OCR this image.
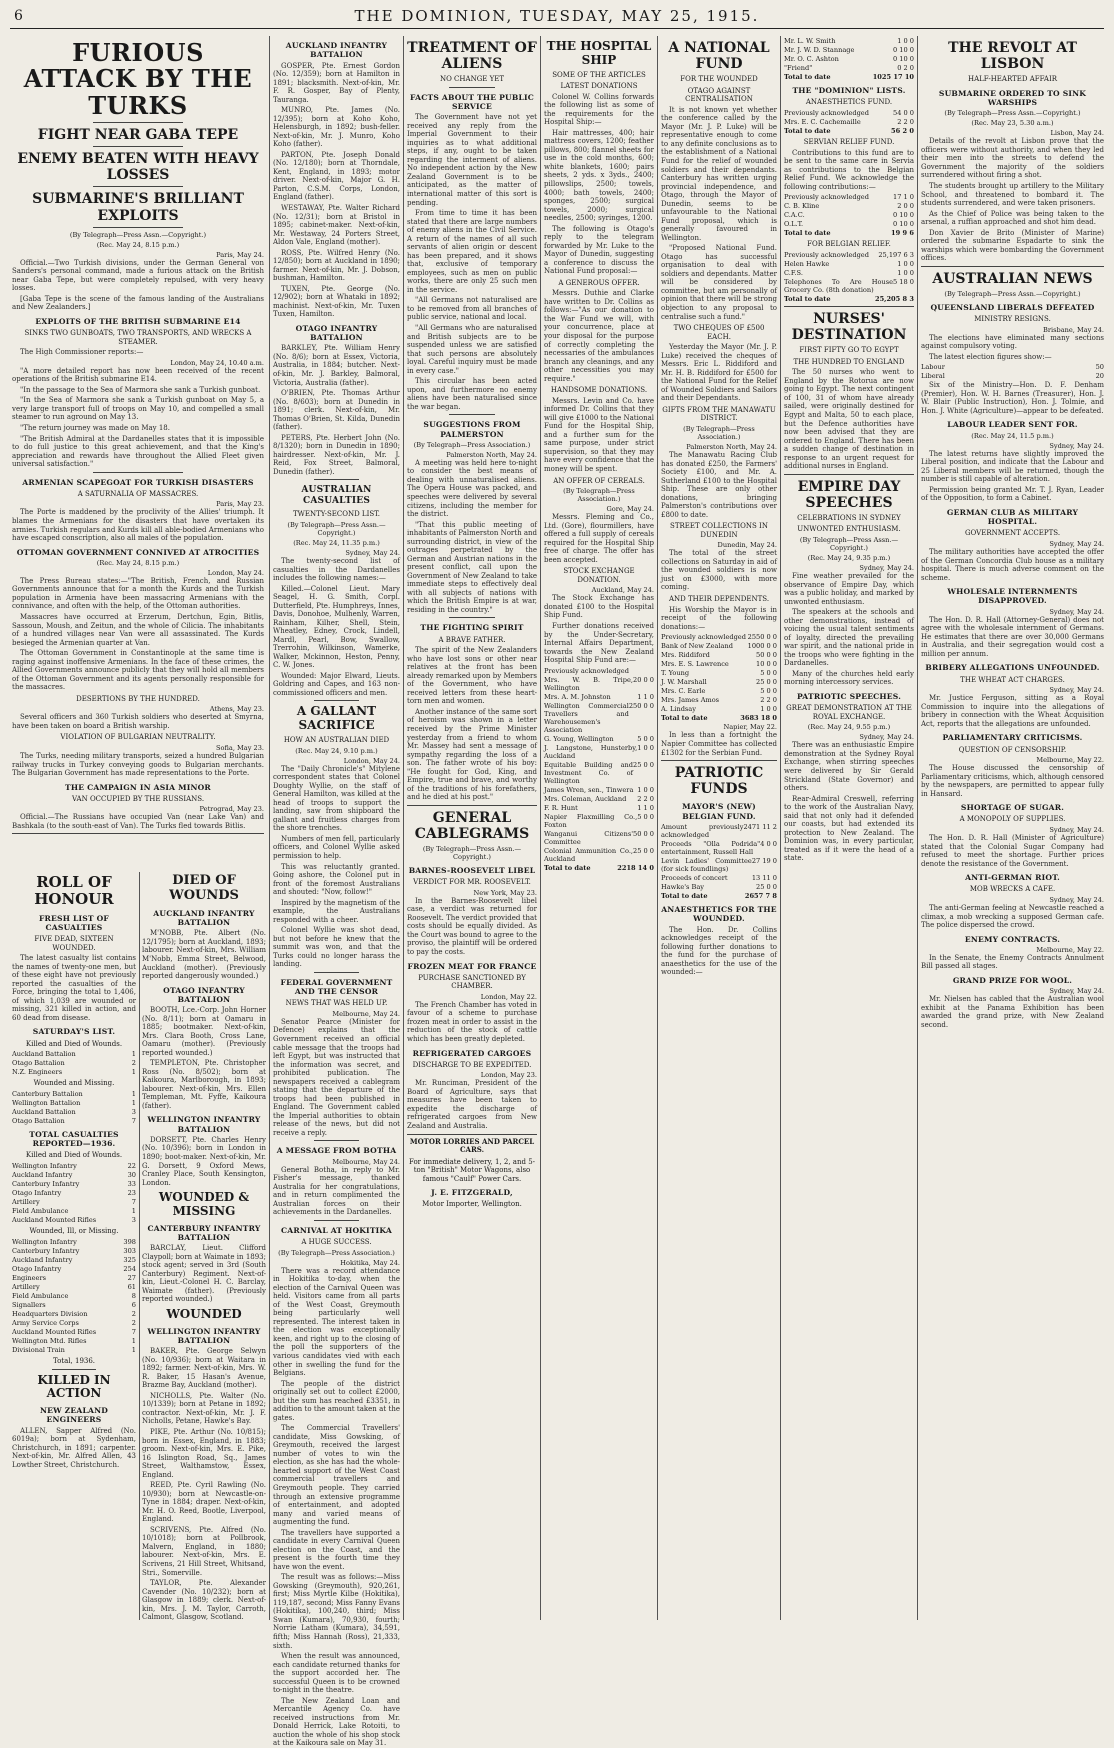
6	THE DOMINION, TUESDAY, MAY 25, 1915.
FURIOUS ATTACK BY THE TURKS
FIGHT NEAR GABA TEPE
ENEMY BEATEN WITH HEAVY LOSSES
SUBMARINE'S BRILLIANT EXPLOITS
(By Telegraph—Press Assn.—Copyright.)
(Rec. May 24, 8.15 p.m.)
Paris, May 24.

Official.—Two Turkish divisions, under the German General von Sanders's personal command, made a furious attack on the British near Gaba Tepe, but were completely repulsed, with very heavy losses.

[Gaba Tepe is the scene of the famous landing of the Australians and New Zealanders.]

EXPLOITS OF THE BRITISH SUBMARINE E14
SINKS TWO GUNBOATS, TWO TRANSPORTS, AND WRECKS A STEAMER.

The High Commissioner reports:—

London, May 24, 10.40 a.m.

"A more detailed report has now been received of the recent operations of the British submarine E14.

"In the passage to the Sea of Marmora she sank a Turkish gunboat.

"In the Sea of Marmora she sank a Turkish gunboat on May 5, a very large transport full of troops on May 10, and compelled a small steamer to run aground on May 13.

"The return journey was made on May 18.

"The British Admiral at the Dardanelles states that it is impossible to do full justice to this great achievement, and that the King's appreciation and rewards have throughout the Allied Fleet given universal satisfaction."

ARMENIAN SCAPEGOAT FOR TURKISH DISASTERS
A SATURNALIA OF MASSACRES.
Paris, May 23.

The Porte is maddened by the proclivity of the Allies' triumph. It blames the Armenians for the disasters that have overtaken its armies. Turkish regulars and Kurds kill all able-bodied Armenians who have escaped conscription, also all males of the population.

OTTOMAN GOVERNMENT CONNIVED AT ATROCITIES
(Rec. May 24, 8.15 p.m.)
London, May 24.

The Press Bureau states:—"The British, French, and Russian Governments announce that for a month the Kurds and the Turkish population in Armenia have been massacring Armenians with the connivance, and often with the help, of the Ottoman authorities.

Massacres have occurred at Erzerum, Dertchun, Egin, Bitlis, Sassoun, Moush, and Zeitun, and the whole of Cilicia. The inhabitants of a hundred villages near Van were all assassinated. The Kurds besieged the Armenian quarter at Van.

The Ottoman Government in Constantinople at the same time is raging against inoffensive Armenians. In the face of these crimes, the Allied Governments announce publicly that they will hold all members of the Ottoman Government and its agents personally responsible for the massacres.

DESERTIONS BY THE HUNDRED.
Athens, May 23.

Several officers and 360 Turkish soldiers who deserted at Smyrna, have been taken on board a British warship.

VIOLATION OF BULGARIAN NEUTRALITY.
Sofia, May 23.

The Turks, needing military transports, seized a hundred Bulgarian railway trucks in Turkey conveying goods to Bulgarian merchants. The Bulgarian Government has made representations to the Porte.

THE CAMPAIGN IN ASIA MINOR
VAN OCCUPIED BY THE RUSSIANS.
Petrograd, May 23.

Official.—The Russians have occupied Van (near Lake Van) and Bashkala (to the south-east of Van). The Turks fled towards Bitlis.

ROLL OF HONOUR
FRESH LIST OF CASUALTIES
FIVE DEAD, SIXTEEN WOUNDED.

The latest casualty list contains the names of twenty-one men, but of these eight have not previously reported the casualties of the Force, bringing the total to 1,406, of which 1,039 are wounded or missing, 321 killed in action, and 60 dead from disease.

SATURDAY'S LIST.
Killed and Died of Wounds.
Auckland Battalion	1
Otago Battalion	2
N.Z. Engineers	1
Wounded and Missing.
Canterbury Battalion	1
Wellington Battalion	1
Auckland Battalion	3
Otago Battalion	7
TOTAL CASUALTIES REPORTED—1936.
Killed and Died of Wounds.
Wellington Infantry	22
Auckland Infantry	30
Canterbury Infantry	33
Otago Infantry	23
Artillery	7
Field Ambulance	1
Auckland Mounted Rifles	3
Wounded, Ill, or Missing.
Wellington Infantry	398
Canterbury Infantry	303
Auckland Infantry	325
Otago Infantry	254
Engineers	27
Artillery	61
Field Ambulance	8
Signallers	6
Headquarters Division	2
Army Service Corps	2
Auckland Mounted Rifles	7
Wellington Mtd. Rifles	1
Divisional Train	1
Total, 1936.
KILLED IN ACTION
NEW ZEALAND ENGINEERS

ALLEN, Sapper Alfred (No. 6019a); born at Sydenham, Christchurch, in 1891; carpenter. Next-of-kin, Mr. Alfred Allen, 43 Lowther Street, Christchurch.

DIED OF WOUNDS
AUCKLAND INFANTRY BATTALION

M'NOBB, Pte. Albert (No. 12/1795); born at Auckland, 1893; labourer. Next-of-kin, Mrs. William M'Nobb, Emma Street, Belwood, Auckland (mother). (Previously reported dangerously wounded.)

OTAGO INFANTRY BATTALION

BOOTH, Lce.-Corp. John Horner (No. 8/11); born at Oamaru in 1885; bootmaker. Next-of-kin, Mrs. Clara Booth, Cross Lane, Oamaru (mother). (Previously reported wounded.)

TEMPLETON, Pte. Christopher Ross (No. 8/502); born at Kaikoura, Marlborough, in 1893; labourer. Next-of-kin, Mrs. Ellen Templeman, Mt. Fyffe, Kaikoura (father).

WELLINGTON INFANTRY BATTALION

DORSETT, Pte. Charles Henry (No. 10/396); born in London in 1890; boot-maker. Next-of-kin, Mr. G. Dorsett, 9 Oxford Mews, Cranley Place, South Kensington, London.

WOUNDED & MISSING
CANTERBURY INFANTRY BATTALION

BARCLAY, Lieut. Clifford Claypoll; born at Waimate in 1893; stock agent; served in 3rd (South Canterbury) Regiment. Next-of-kin, Lieut.-Colonel H. C. Barclay, Waimate (father). (Previously reported wounded.)

WOUNDED
WELLINGTON INFANTRY BATTALION

BAKER, Pte. George Selwyn (No. 10/936); born at Waitara in 1892; farmer. Next-of-kin, Mrs. W. R. Baker, 15 Hasan's Avenue, Brazme Bay, Auckland (mother).

NICHOLLS, Pte. Walter (No. 10/1339); born at Petane in 1892; contractor. Next-of-kin, Mr. J. F. Nicholls, Petane, Hawke's Bay.

PIKE, Pte. Arthur (No. 10/815); born in Essex, England, in 1883; groom. Next-of-kin, Mrs. E. Pike, 16 Islington Road, Sq., James Street, Walthamstow, Essex, England.

REED, Pte. Cyril Rawling (No. 10/930); born at Newcastle-on-Tyne in 1884; draper. Next-of-kin, Mr. H. O. Reed, Bootle, Liverpool, England.

SCRIVENS, Pte. Alfred (No. 10/1018); born at Pollbrook, Malvern, England, in 1880; labourer. Next-of-kin, Mrs. E. Scrivens, 21 Hill Street, Whitsand, Stri., Somerville.

TAYLOR, Pte. Alexander Cavender (No. 10/232); born at Glasgow in 1889; clerk. Next-of-kin, Mrs. J. M. Taylor, Carroth, Calmont, Glasgow, Scotland.

AUCKLAND INFANTRY BATTALION

GOSPER, Pte. Ernest Gordon (No. 12/359); born at Hamilton in 1891; blacksmith. Next-of-kin, Mr. F. R. Gosper, Bay of Plenty, Tauranga.

MUNRO, Pte. James (No. 12/395); born at Koho Koho, Helensburgh, in 1892; bush-feller. Next-of-kin, Mr. J. Munro, Koho Koho (father).

PARTON, Pte. Joseph Donald (No. 12/180); born at Thorndale, Kent, England, in 1893; motor driver. Next-of-kin, Major G. H. Parton, C.S.M. Corps, London, England (father).

WESTAWAY, Pte. Walter Richard (No. 12/31); born at Bristol in 1895; cabinet-maker. Next-of-kin, Mr. Westaway, 24 Porters Street, Aldon Vale, England (mother).

ROSS, Pte. Wilfred Henry (No. 12/850); born at Auckland in 1890; farmer. Next-of-kin, Mr. J. Dobson, bushman, Hamilton.

TUXEN, Pte. George (No. 12/902); born at Whataki in 1892; machinist. Next-of-kin, Mr. Tuxen Tuxen, Hamilton.

OTAGO INFANTRY BATTALION

BARKLEY, Pte. William Henry (No. 8/6); born at Essex, Victoria, Australia, in 1884; butcher. Next-of-kin, Mr. J. Barkley, Balmoral, Victoria, Australia (father).

O'BRIEN, Pte. Thomas Arthur (No. 8/603); born at Dunedin in 1891; clerk. Next-of-kin, Mr. Thomas O'Brien, St. Kilda, Dunedin (father).

PETERS, Pte. Herbert John (No. 8/1320); born in Dunedin in 1890; hairdresser. Next-of-kin, Mr. J. Reid, Fox Street, Balmoral, Dunedin (father).

AUSTRALIAN CASUALTIES
TWENTY-SECOND LIST.
(By Telegraph—Press Assn.—Copyright.)
(Rec. May 24, 11.35 p.m.)
Sydney, May 24.

The twenty-second list of casualties in the Dardanelles includes the following names:—

Killed.—Colonel Lieut. Mary Seagel, H. G. Smith, Corpl. Dutterfield, Pte. Humphreys, Innes, Davis, Donohoe, Mulhenly, Warren, Rainham, Kilher, Shell, Stein, Wheatley, Edney, Crock, Lindell, Mardl, Pearl, Bow, Swallow, Trerrohin, Wilkinson, Wamerke, Walker, Mckinnon, Heston, Penny, C. W. Jones.

Wounded: Major Elward, Lieuts. Goldring and Capes, and 163 non-commissioned officers and men.

A GALLANT SACRIFICE
HOW AN AUSTRALIAN DIED
(Rec. May 24, 9.10 p.m.)
London, May 24.

The "Daily Chronicle's" Mitylene correspondent states that Colonel Doughty Wyllie, on the staff of General Hamilton, was killed at the head of troops to support the landing, saw from shipboard the gallant and fruitless charges from the shore trenches.

Numbers of men fell, particularly officers, and Colonel Wyllie asked permission to help.

This was reluctantly granted. Going ashore, the Colonel put in front of the foremost Australians and shouted: "Now, follow!"

Inspired by the magnetism of the example, the Australians responded with a cheer.

Colonel Wyllie was shot dead, but not before he knew that the summit was won, and that the Turks could no longer harass the landing.

FEDERAL GOVERNMENT AND THE CENSOR
NEWS THAT WAS HELD UP.
Melbourne, May 24.

Senator Pearce (Minister for Defence) explains that the Government received an official cable message that the troops had left Egypt, but was instructed that the information was secret, and prohibited publication. The newspapers received a cablegram stating that the departure of the troops had been published in England. The Government cabled the Imperial authorities to obtain release of the news, but did not receive a reply.

A MESSAGE FROM BOTHA
Melbourne, May 24.

General Botha, in reply to Mr. Fisher's message, thanked Australia for her congratulations, and in return complimented the Australian forces on their achievements in the Dardanelles.

CARNIVAL AT HOKITIKA
A HUGE SUCCESS.
(By Telegraph—Press Association.)
Hokitika, May 24.

There was a record attendance in Hokitika to-day, when the election of the Carnival Queen was held. Visitors came from all parts of the West Coast, Greymouth being particularly well represented. The interest taken in the election was exceptionally keen, and right up to the closing of the poll the supporters of the various candidates vied with each other in swelling the fund for the Belgians.

The people of the district originally set out to collect £2000, but the sum has reached £3351, in addition to the amount taken at the gates.

The Commercial Travellers' candidate, Miss Gowsking, of Greymouth, received the largest number of votes to win the election, as she has had the whole-hearted support of the West Coast commercial travellers and Greymouth people. They carried through an extensive programme of entertainment, and adopted many and varied means of augmenting the fund.

The travellers have supported a candidate in every Carnival Queen election on the Coast, and the present is the fourth time they have won the event.

The result was as follows:—Miss Gowsking (Greymouth), 920,261, first; Miss Myrtle Kilbe (Hokitika), 119,187, second; Miss Fanny Evans (Hokitika), 100,240, third; Miss Swan (Kumara), 70,930, fourth; Norrie Latham (Kumara), 34,591, fifth; Miss Hannah (Ross), 21,333, sixth.

When the result was announced, each candidate returned thanks for the support accorded her. The successful Queen is to be crowned to-night in the theatre.

The New Zealand Loan and Mercantile Agency Co. have received instructions from Mr. Donald Herrick, Lake Rotoiti, to auction the whole of his shop stock at the Kaikoura sale on May 31.

TREATMENT OF ALIENS
NO CHANGE YET
FACTS ABOUT THE PUBLIC SERVICE

The Government have not yet received any reply from the Imperial Government to their inquiries as to what additional steps, if any, ought to be taken regarding the interment of aliens. No independent action by the New Zealand Government is to be anticipated, as the matter of international matter of this sort is pending.

From time to time it has been stated that there are large numbers of enemy aliens in the Civil Service. A return of the names of all such servants of alien origin or descent has been prepared, and it shows that, exclusive of temporary employees, such as men on public works, there are only 25 such men in the service.

"All Germans not naturalised are to be removed from all branches of public service, national and local.

"All Germans who are naturalised and British subjects are to be suspended unless we are satisfied that such persons are absolutely loyal. Careful inquiry must be made in every case."

This circular has been acted upon, and furthermore no enemy aliens have been naturalised since the war began.

SUGGESTIONS FROM PALMERSTON
(By Telegraph—Press Association.)
Palmerston North, May 24.

A meeting was held here to-night to consider the best means of dealing with unnaturalised aliens. The Opera House was packed, and speeches were delivered by several citizens, including the member for the district.

"That this public meeting of inhabitants of Palmerston North and surrounding district, in view of the outrages perpetrated by the German and Austrian nations in the present conflict, call upon the Government of New Zealand to take immediate steps to effectively deal with all subjects of nations with which the British Empire is at war, residing in the country."

THE FIGHTING SPIRIT
A BRAVE FATHER.

The spirit of the New Zealanders who have lost sons or other near relatives at the front has been already remarked upon by Members of the Government, who have received letters from these heart-torn men and women.

Another instance of the same sort of heroism was shown in a letter received by the Prime Minister yesterday from a friend to whom Mr. Massey had sent a message of sympathy regarding the loss of a son. The father wrote of his boy: "He fought for God, King, and Empire, true and brave, and worthy of the traditions of his forefathers, and he died at his post."

GENERAL CABLEGRAMS
(By Telegraph—Press Assn.—Copyright.)
BARNES-ROOSEVELT LIBEL
VERDICT FOR MR. ROOSEVELT.
New York, May 23.

In the Barnes-Roosevelt libel case, a verdict was returned for Roosevelt. The verdict provided that costs should be equally divided. As the Court was bound to agree to the proviso, the plaintiff will be ordered to pay the costs.

FROZEN MEAT FOR FRANCE
PURCHASE SANCTIONED BY CHAMBER.
London, May 22.

The French Chamber has voted in favour of a scheme to purchase frozen meat in order to assist in the reduction of the stock of cattle which has been greatly depleted.

REFRIGERATED CARGOES
DISCHARGE TO BE EXPEDITED.
London, May 23.

Mr. Runciman, President of the Board of Agriculture, says that measures have been taken to expedite the discharge of refrigerated cargoes from New Zealand and Australia.

MOTOR LORRIES AND PARCEL CARS.
For immediate delivery, 1, 2, and 5-ton "British" Motor Wagons, also famous "Caulf" Power Cars.
J. E. FITZGERALD,
Motor Importer, Wellington.
THE HOSPITAL SHIP
SOME OF THE ARTICLES
LATEST DONATIONS

Colonel W. Collins forwards the following list as some of the requirements for the Hospital Ship:—

Hair mattresses, 400; hair mattress covers, 1200; feather pillows, 800; flannel sheets for use in the cold months, 600; white blankets, 1600; pairs sheets, 2 yds. x 3yds., 2400; pillowslips, 2500; towels, 4000; bath towels, 2400; sponges, 2500; surgical towels, 2000; surgical needles, 2500; syringes, 1200.

The following is Otago's reply to the telegram forwarded by Mr. Luke to the Mayor of Dunedin, suggesting a conference to discuss the National Fund proposal:—

A GENEROUS OFFER.

Messrs. Duthie and Clarke have written to Dr. Collins as follows:—"As our donation to the War Fund we will, with your concurrence, place at your disposal for the purpose of correctly completing the necessaries of the ambulances branch any cleanings, and any other necessities you may require."

HANDSOME DONATIONS.

Messrs. Levin and Co. have informed Dr. Collins that they will give £1000 to the National Fund for the Hospital Ship, and a further sum for the same purpose, under strict supervision, so that they may have every confidence that the money will be spent.

AN OFFER OF CEREALS.
(By Telegraph—Press Association.)
Gore, May 24.

Messrs. Fleming and Co., Ltd. (Gore), flourmillers, have offered a full supply of cereals required for the Hospital Ship free of charge. The offer has been accepted.

STOCK EXCHANGE DONATION.
Auckland, May 24.

The Stock Exchange has donated £100 to the Hospital Ship Fund.

Further donations received by the Under-Secretary, Internal Affairs Department, towards the New Zealand Hospital Ship Fund are:—

Previously acknowledged
Mrs. W. B. Tripe, Wellington
20 0 0
Mrs. A. M. Johnston	1 1 0
Wellington Commercial Travellers and Warehousemen's Association
250 0 0
G. Young, Wellington	5 0 0
J. Langstone, Hunsterby, Auckland
1 0 0
Equitable Building and Investment Co. of Wellington
25 0 0
James Wren, sen., Tinwera 1 0 0
Mrs. Coleman, Auckland 2 2 0
F. R. Hunt	1 1 0
Napier Flaxmilling Co., Foxton
5 0 0
Wanganui Citizens' Committee
50 0 0
Colonial Ammunition Co., Auckland
25 0 0
Total to date	2218 14 0
A NATIONAL FUND
FOR THE WOUNDED
OTAGO AGAINST CENTRALISATION

It is not known yet whether the conference called by the Mayor (Mr. J. P. Luke) will be representative enough to come to any definite conclusions as to the establishment of a National Fund for the relief of wounded soldiers and their dependants. Canterbury has written urging provincial independence, and Otago, through the Mayor of Dunedin, seems to be unfavourable to the National Fund proposal, which is generally favoured in Wellington.

"Proposed National Fund. Otago has successful organisation to deal with soldiers and dependants. Matter will be considered by committee, but am personally of opinion that there will be strong objection to any proposal to centralise such a fund."

TWO CHEQUES OF £500 EACH.

Yesterday the Mayor (Mr. J. P. Luke) received the cheques of Messrs. Eric L. Riddiford and Mr. H. B. Riddiford for £500 for the National Fund for the Relief of Wounded Soldiers and Sailors and their Dependants.

GIFTS FROM THE MANAWATU DISTRICT.
(By Telegraph—Press Association.)
Palmerston North, May 24.

The Manawatu Racing Club has donated £250, the Farmers' Society £100, and Mr. A. Sutherland £100 to the Hospital Ship. These are only other donations, bringing Palmerston's contributions over £800 to date.

STREET COLLECTIONS IN DUNEDIN
Dunedin, May 24.

The total of the street collections on Saturday in aid of the wounded soldiers is now just on £3000, with more coming.

AND THEIR DEPENDENTS.

His Worship the Mayor is in receipt of the following donations:—

Previously acknowledged 2550 0 0
Bank of New Zealand 1000 0 0
Mrs. Riddiford	50 0 0
Mrs. E. S. Lawrence	10 0 0
T. Young	5 0 0
J. W. Marshall	25 0 0
Mrs. C. Earle	5 0 0
Mrs. James Amos	2 2 0
A. Lindsay	1 0 0
Total to date	3683 18 0
Napier, May 22.

In less than a fortnight the Napier Committee has collected £1302 for the Serbian Fund.

PATRIOTIC FUNDS
MAYOR'S (NEW) BELGIAN FUND.
Amount previously acknowledged
2471 11 2
Proceeds "Olla Podrida" entertainment, Russell Hall
4 0 0
Levin Ladies' Committee (for sick foundlings)
27 19 0
Proceeds of concert	13 11 0
Hawke's Bay	25 0 0
Total to date	2657 7 8
ANAESTHETICS FOR THE WOUNDED.

The Hon. Dr. Collins acknowledges receipt of the following further donations to the fund for the purchase of anaesthetics for the use of the wounded:—

Mr. L. W. Smith	1 0 0
Mr. J. W. D. Stannage	0 10 0
Mr. O. C. Ashton	0 10 0
"Friend"	0 2 0
Total to date	1025 17 10
THE "DOMINION" LISTS.
ANAESTHETICS FUND.
Previously acknowledged	54 0 0
Mrs. E. C. Cachemaille	2 2 0
Total to date	56 2 0
SERVIAN RELIEF FUND.

Contributions to this fund are to be sent to the same care in Servia as contributions to the Belgian Relief Fund. We acknowledge the following contributions:—

Previously acknowledged	17 1 0
C. B. Kline	2 0 0
C.A.C.	0 10 0
O.L.T.	0 10 0
Total to date	19 9 6
FOR BELGIAN RELIEF.
Previously acknowledged 25,197 6 3
Helen Hawke	1 0 0
C.F.S.	1 0 0
Telephones To Are House Grocery Co. (8th donation)
5 18 0
Total to date	25,205 8 3
NURSES' DESTINATION
FIRST FIFTY GO TO EGYPT
THE HUNDRED TO ENGLAND

The 50 nurses who went to England by the Rotorua are now going to Egypt. The next contingent of 100, 31 of whom have already sailed, were originally destined for Egypt and Malta, 50 to each place, but the Defence authorities have now been advised that they are ordered to England. There has been a sudden change of destination in response to an urgent request for additional nurses in England.

EMPIRE DAY SPEECHES
CELEBRATIONS IN SYDNEY
UNWONTED ENTHUSIASM.
(By Telegraph—Press Assn.—Copyright.)
(Rec. May 24, 9.35 p.m.)
Sydney, May 24.

Fine weather prevailed for the observance of Empire Day, which was a public holiday, and marked by unwonted enthusiasm.

The speakers at the schools and other demonstrations, instead of voicing the usual talent sentiments of loyalty, directed the prevailing war spirit, and the national pride in the troops who were fighting in the Dardanelles.

Many of the churches held early morning intercessory services.

PATRIOTIC SPEECHES.
GREAT DEMONSTRATION AT THE ROYAL EXCHANGE.
(Rec. May 24, 9.55 p.m.)
Sydney, May 24.

There was an enthusiastic Empire demonstration at the Sydney Royal Exchange, when stirring speeches were delivered by Sir Gerald Strickland (State Governor) and others.

Rear-Admiral Creswell, referring to the work of the Australian Navy, said that not only had it defended our coasts, but had extended its protection to New Zealand. The Dominion was, in every particular, treated as if it were the head of a state.

THE REVOLT AT LISBON
HALF-HEARTED AFFAIR
SUBMARINE ORDERED TO SINK WARSHIPS
(By Telegraph—Press Assn.—Copyright.)
(Rec. May 23, 5.30 a.m.)
Lisbon, May 24.

Details of the revolt at Lisbon prove that the officers were without authority, and when they led their men into the streets to defend the Government the majority of the soldiers surrendered without firing a shot.

The students brought up artillery to the Military School, and threatened to bombard it. The students surrendered, and were taken prisoners.

As the Chief of Police was being taken to the arsenal, a ruffian approached and shot him dead.

Don Xavier de Brito (Minister of Marine) ordered the submarine Espadarte to sink the warships which were bombarding the Government offices.

AUSTRALIAN NEWS
(By Telegraph—Press Assn.—Copyright.)
QUEENSLAND LIBERALS DEFEATED
MINISTRY RESIGNS.
Brisbane, May 24.

The elections have eliminated many sections against compulsory voting.

The latest election figures show:—

Labour	50
Liberal	20

Six of the Ministry—Hon. D. F. Denham (Premier), Hon. W. H. Barnes (Treasurer), Hon. J. W. Blair (Public Instruction), Hon. J. Tolmie, and Hon. J. White (Agriculture)—appear to be defeated.

LABOUR LEADER SENT FOR.
(Rec. May 24, 11.5 p.m.)
Sydney, May 24.

The latest returns have slightly improved the Liberal position, and indicate that the Labour and 25 Liberal members will be returned, though the number is still capable of alteration.

Permission being granted Mr. T. J. Ryan, Leader of the Opposition, to form a Cabinet.

GERMAN CLUB AS MILITARY HOSPITAL.
GOVERNMENT ACCEPTS.
Sydney, May 24.

The military authorities have accepted the offer of the German Concordia Club house as a military hospital. There is much adverse comment on the scheme.

WHOLESALE INTERNMENTS DISAPPROVED.
Sydney, May 24.

The Hon. D. R. Hall (Attorney-General) does not agree with the wholesale internment of Germans. He estimates that there are over 30,000 Germans in Australia, and their segregation would cost a million per annum.

BRIBERY ALLEGATIONS UNFOUNDED.
THE WHEAT ACT CHARGES.
Sydney, May 24.

Mr. Justice Ferguson, sitting as a Royal Commission to inquire into the allegations of bribery in connection with the Wheat Acquisition Act, reports that the allegations are unfounded.

PARLIAMENTARY CRITICISMS.
QUESTION OF CENSORSHIP.
Melbourne, May 22.

The House discussed the censorship of Parliamentary criticisms, which, although censored by the newspapers, are permitted to appear fully in Hansard.

SHORTAGE OF SUGAR.
A MONOPOLY OF SUPPLIES.
Sydney, May 24.

The Hon. D. R. Hall (Minister of Agriculture) stated that the Colonial Sugar Company had refused to meet the shortage. Further prices denote the resistance of the Government.

ANTI-GERMAN RIOT.
MOB WRECKS A CAFE.
Sydney, May 24.

The anti-German feeling at Newcastle reached a climax, a mob wrecking a supposed German cafe. The police dispersed the crowd.

ENEMY CONTRACTS.
Melbourne, May 22.

In the Senate, the Enemy Contracts Annulment Bill passed all stages.

GRAND PRIZE FOR WOOL.
Sydney, May 24.

Mr. Nielsen has cabled that the Australian wool exhibit at the Panama Exhibition has been awarded the grand prize, with New Zealand second.
